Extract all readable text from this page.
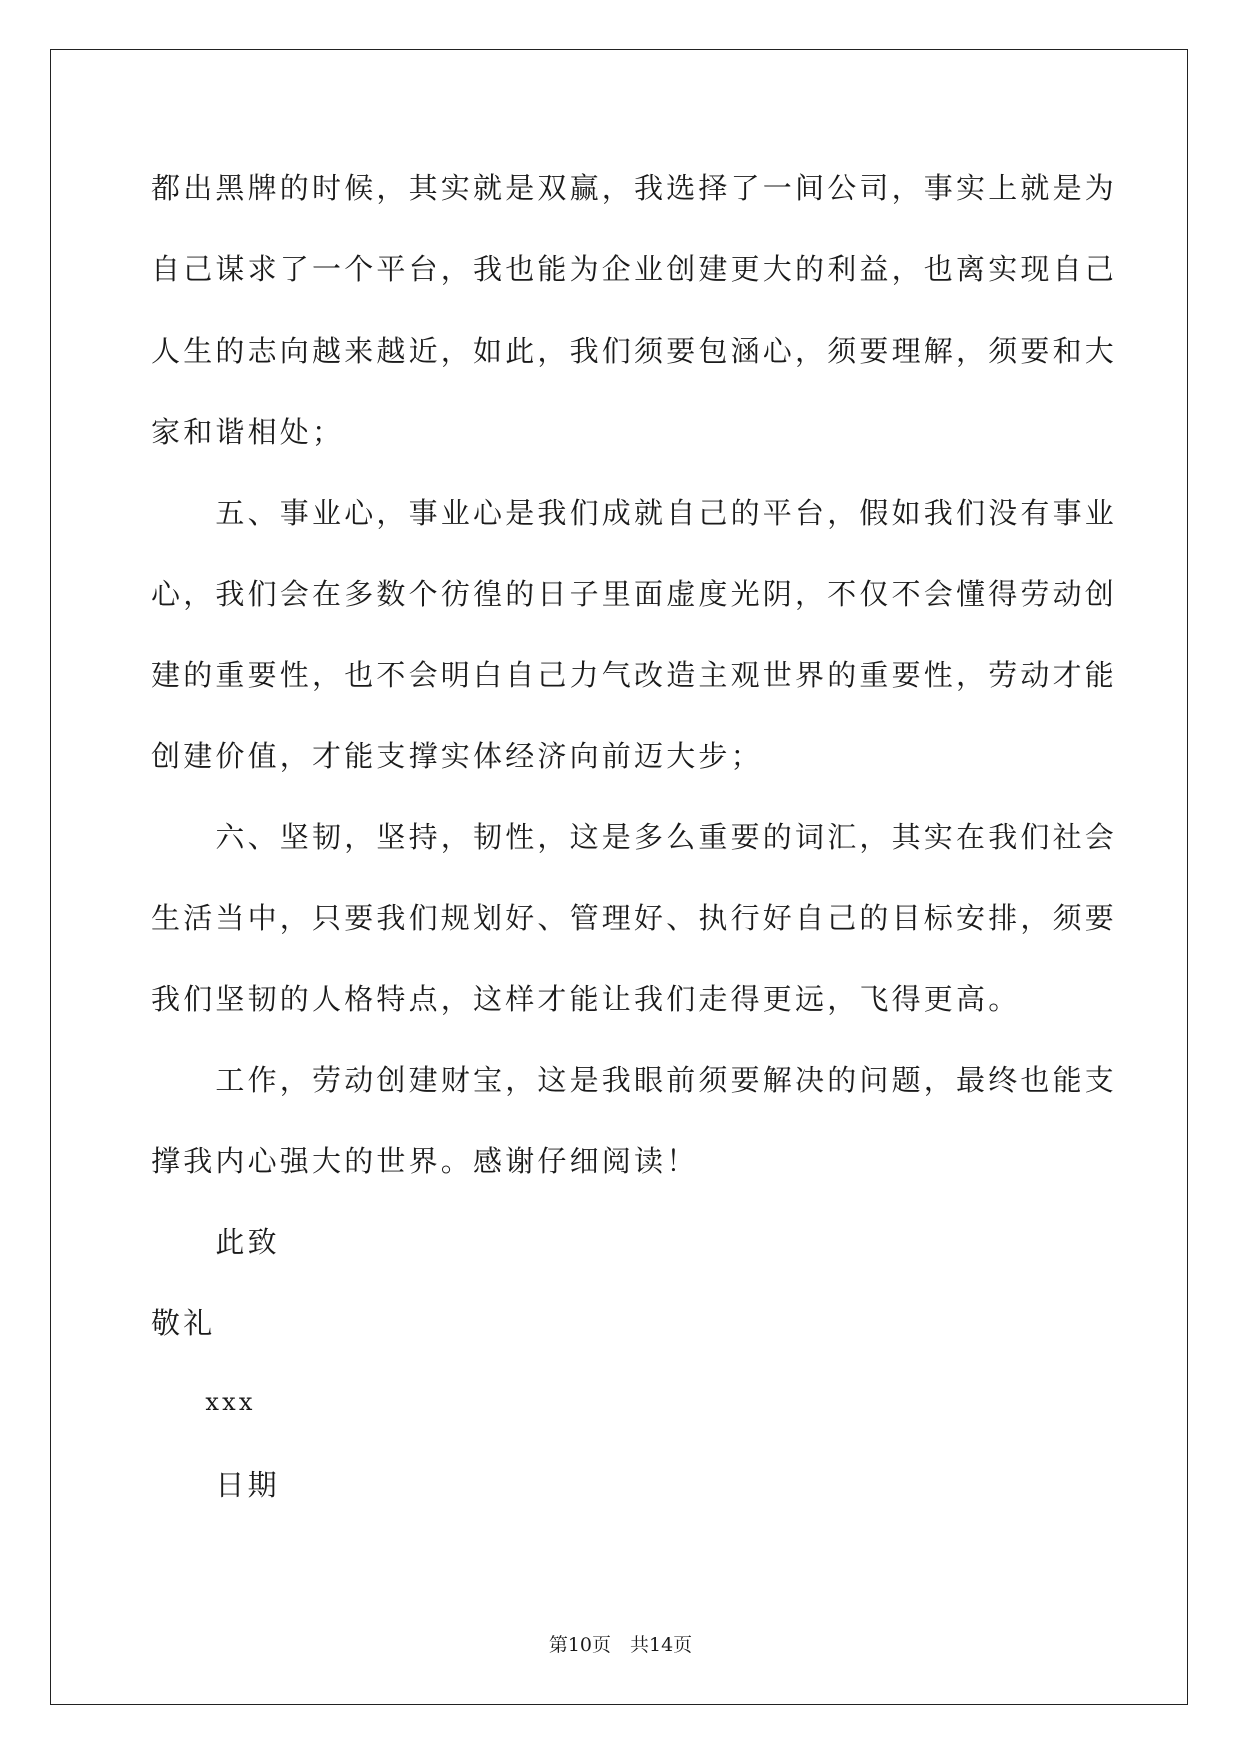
都出黑牌的时候，其实就是双赢，我选择了一间公司，事实上就是为
自己谋求了一个平台，我也能为企业创建更大的利益，也离实现自己
人生的志向越来越近，如此，我们须要包涵心，须要理解，须要和大
家和谐相处；
　　五、事业心，事业心是我们成就自己的平台，假如我们没有事业
心，我们会在多数个彷徨的日子里面虚度光阴，不仅不会懂得劳动创
建的重要性，也不会明白自己力气改造主观世界的重要性，劳动才能
创建价值，才能支撑实体经济向前迈大步；
　　六、坚韧，坚持，韧性，这是多么重要的词汇，其实在我们社会
生活当中，只要我们规划好、管理好、执行好自己的目标安排，须要
我们坚韧的人格特点，这样才能让我们走得更远，飞得更高。
　　工作，劳动创建财宝，这是我眼前须要解决的问题，最终也能支
撑我内心强大的世界。感谢仔细阅读！
　　此致
敬礼
　　xxx
　　日期
第10页　共14页
